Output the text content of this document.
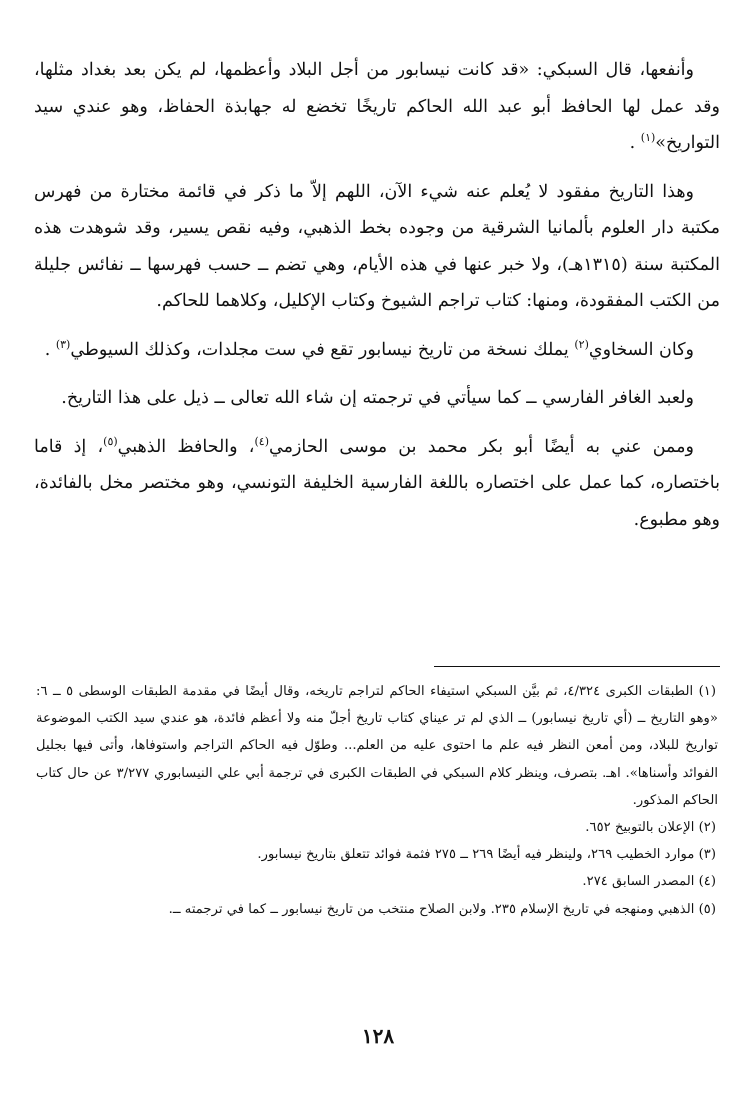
وأنفعها، قال السبكي: «قد كانت نيسابور من أجل البلاد وأعظمها، لم يكن بعد بغداد مثلها، وقد عمل لها الحافظ أبو عبد الله الحاكم تاريخًا تخضع له جهابذة الحفاظ، وهو عندي سيد التواريخ»$^{(١)}$ .

وهذا التاريخ مفقود لا يُعلم عنه شيء الآن، اللهم إلاّ ما ذكر في قائمة مختارة من فهرس مكتبة دار العلوم بألمانيا الشرقية من وجوده بخط الذهبي، وفيه نقص يسير، وقد شوهدت هذه المكتبة سنة (١٣١٥هـ)، ولا خبر عنها في هذه الأيام، وهي تضم ــ حسب فهرسها ــ نفائس جليلة من الكتب المفقودة، ومنها: كتاب تراجم الشيوخ وكتاب الإكليل، وكلاهما للحاكم.

وكان السخاوي$^{(٢)}$ يملك نسخة من تاريخ نيسابور تقع في ست مجلدات، وكذلك السيوطي$^{(٣)}$ .

ولعبد الغافر الفارسي ــ كما سيأتي في ترجمته إن شاء الله تعالى ــ ذيل على هذا التاريخ.

وممن عني به أيضًا أبو بكر محمد بن موسى الحازمي$^{(٤)}$، والحافظ الذهبي$^{(٥)}$، إذ قاما باختصاره، كما عمل على اختصاره باللغة الفارسية الخليفة التونسي، وهو مختصر مخل بالفائدة، وهو مطبوع.

(١) الطبقات الكبرى ٤/٣٢٤، ثم بيَّن السبكي استيفاء الحاكم لتراجم تاريخه، وقال أيضًا في مقدمة الطبقات الوسطى ٥ ــ ٦: «وهو التاريخ ــ (أي تاريخ نيسابور) ــ الذي لم تر عيناي كتاب تاريخ أجلّ منه ولا أعظم فائدة، هو عندي سيد الكتب الموضوعة تواريخ للبلاد، ومن أمعن النظر فيه علم ما احتوى عليه من العلم... وطوّل فيه الحاكم التراجم واستوفاها، وأتى فيها بجليل الفوائد وأسناها». اهـ. بتصرف، وينظر كلام السبكي في الطبقات الكبرى في ترجمة أبي علي النيسابوري ٣/٢٧٧ عن حال كتاب الحاكم المذكور.

(٢) الإعلان بالتوبيخ ٦٥٢.

(٣) موارد الخطيب ٢٦٩، ولينظر فيه أيضًا ٢٦٩ ــ ٢٧٥ فثمة فوائد تتعلق بتاريخ نيسابور.

(٤) المصدر السابق ٢٧٤.

(٥) الذهبي ومنهجه في تاريخ الإسلام ٢٣٥. ولابن الصلاح منتخب من تاريخ نيسابور ــ كما في ترجمته ــ.

١٢٨
